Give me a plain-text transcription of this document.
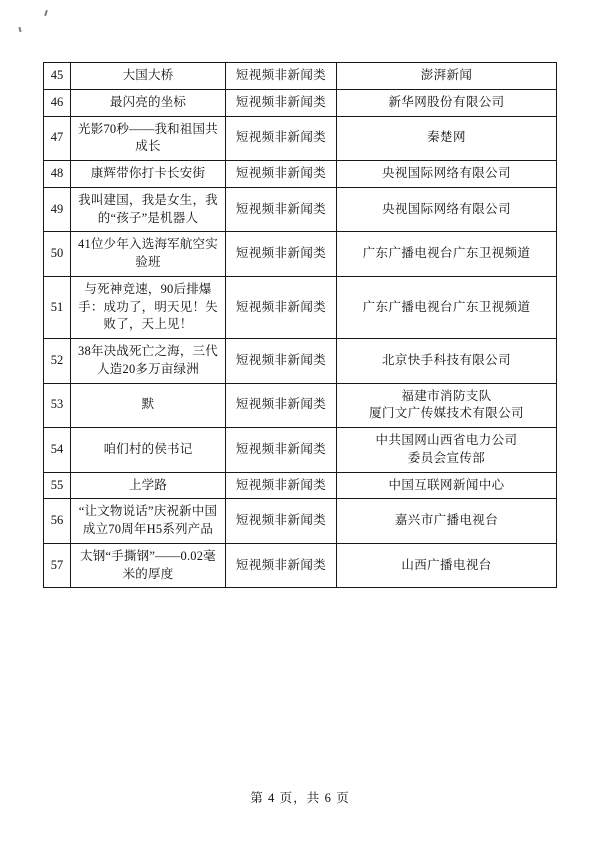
45	大国大桥	短视频非新闻类	澎湃新闻
46	最闪亮的坐标	短视频非新闻类	新华网股份有限公司
47	光影70秒——我和祖国共成长	短视频非新闻类	秦楚网
48	康辉带你打卡长安街	短视频非新闻类	央视国际网络有限公司
49	我叫建国，我是女生，我的“孩子”是机器人	短视频非新闻类	央视国际网络有限公司
50	41位少年入选海军航空实验班	短视频非新闻类	广东广播电视台广东卫视频道
51	与死神竞速，90后排爆手：成功了，明天见！失败了，天上见！	短视频非新闻类	广东广播电视台广东卫视频道
52	38年决战死亡之海，三代人造20多万亩绿洲	短视频非新闻类	北京快手科技有限公司
53	默	短视频非新闻类	福建市消防支队
厦门文广传媒技术有限公司
54	咱们村的侯书记	短视频非新闻类	中共国网山西省电力公司
委员会宣传部
55	上学路	短视频非新闻类	中国互联网新闻中心
56	“让文物说话”庆祝新中国成立70周年H5系列产品	短视频非新闻类	嘉兴市广播电视台
57	太钢“手撕钢”——0.02毫米的厚度	短视频非新闻类	山西广播电视台
第 4 页，共 6 页
